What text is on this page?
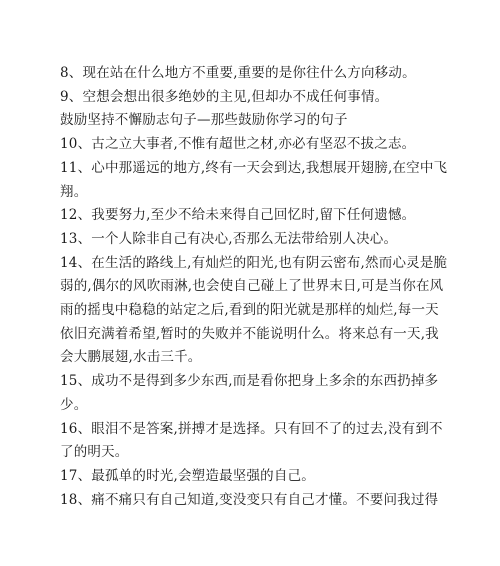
8、现在站在什么地方不重要,重要的是你往什么方向移动。

9、空想会想出很多绝妙的主见,但却办不成任何事情。

鼓励坚持不懈励志句子—那些鼓励你学习的句子

10、古之立大事者,不惟有超世之材,亦必有坚忍不拔之志。

11、心中那遥远的地方,终有一天会到达,我想展开翅膀,在空中飞翔。

12、我要努力,至少不给未来得自己回忆时,留下任何遗憾。

13、一个人除非自己有决心,否那么无法带给别人决心。

14、在生活的路线上,有灿烂的阳光,也有阴云密布,然而心灵是脆弱的,偶尔的风吹雨淋,也会使自己碰上了世界末日,可是当你在风雨的摇曳中稳稳的站定之后,看到的阳光就是那样的灿烂,每一天依旧充满着希望,暂时的失败并不能说明什么。将来总有一天,我会大鹏展翅,水击三千。

15、成功不是得到多少东西,而是看你把身上多余的东西扔掉多少。

16、眼泪不是答案,拼搏才是选择。只有回不了的过去,没有到不了的明天。

17、最孤单的时光,会塑造最坚强的自己。

18、痛不痛只有自己知道,变没变只有自己才懂。不要问我过得
